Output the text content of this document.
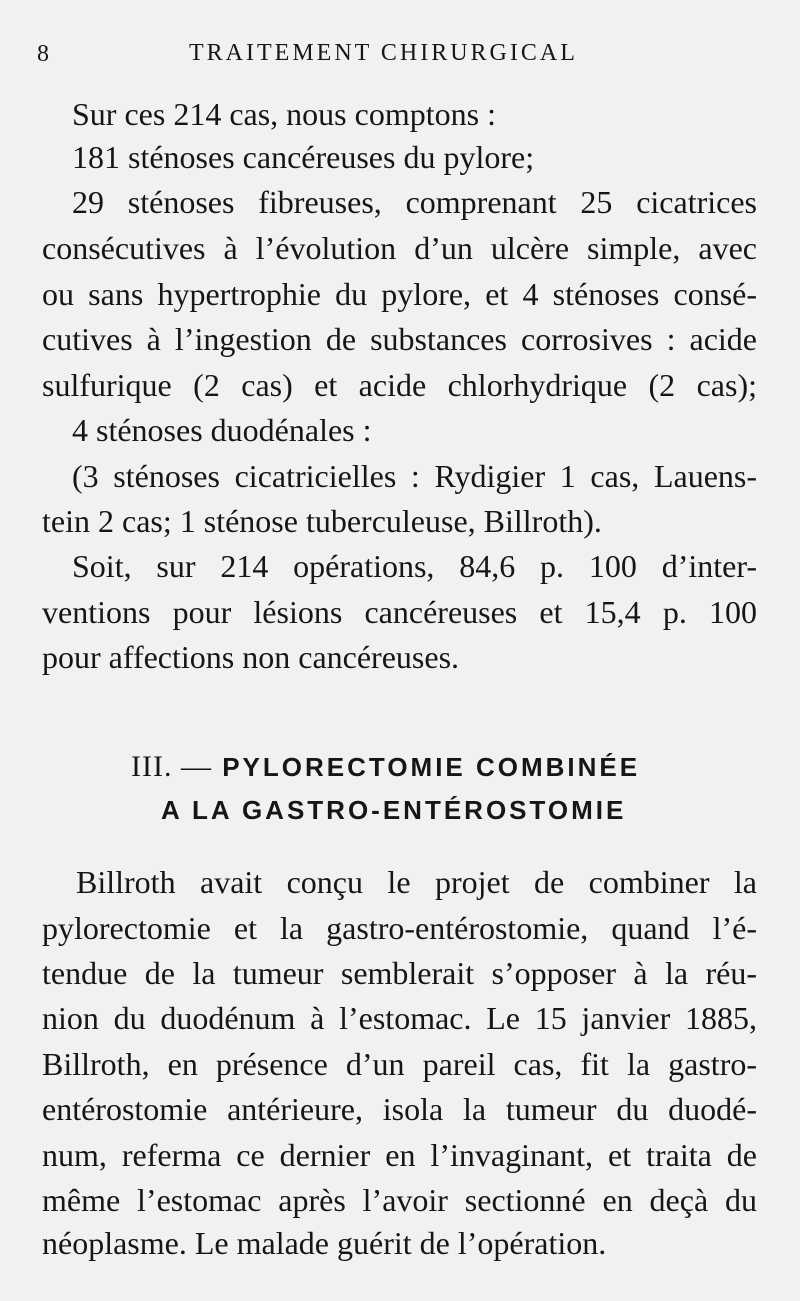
8	TRAITEMENT CHIRURGICAL
Sur ces 214 cas, nous comptons :
181 sténoses cancéreuses du pylore;
29 sténoses fibreuses, comprenant 25 cicatrices
consécutives à l’évolution d’un ulcère simple, avec
ou sans hypertrophie du pylore, et 4 sténoses consé-
cutives à l’ingestion de substances corrosives : acide
sulfurique (2 cas) et acide chlorhydrique (2 cas);
4 sténoses duodénales :
(3 sténoses cicatricielles : Rydigier 1 cas, Lauens-
tein 2 cas; 1 sténose tuberculeuse, Billroth).
Soit, sur 214 opérations, 84,6 p. 100 d’inter-
ventions pour lésions cancéreuses et 15,4 p. 100
pour affections non cancéreuses.
III. — PYLORECTOMIE COMBINÉE
A LA GASTRO-ENTÉROSTOMIE
Billroth avait conçu le projet de combiner la
pylorectomie et la gastro-entérostomie, quand l’é-
tendue de la tumeur semblerait s’opposer à la réu-
nion du duodénum à l’estomac. Le 15 janvier 1885,
Billroth, en présence d’un pareil cas, fit la gastro-
entérostomie antérieure, isola la tumeur du duodé-
num, referma ce dernier en l’invaginant, et traita de
même l’estomac après l’avoir sectionné en deçà du
néoplasme. Le malade guérit de l’opération.
